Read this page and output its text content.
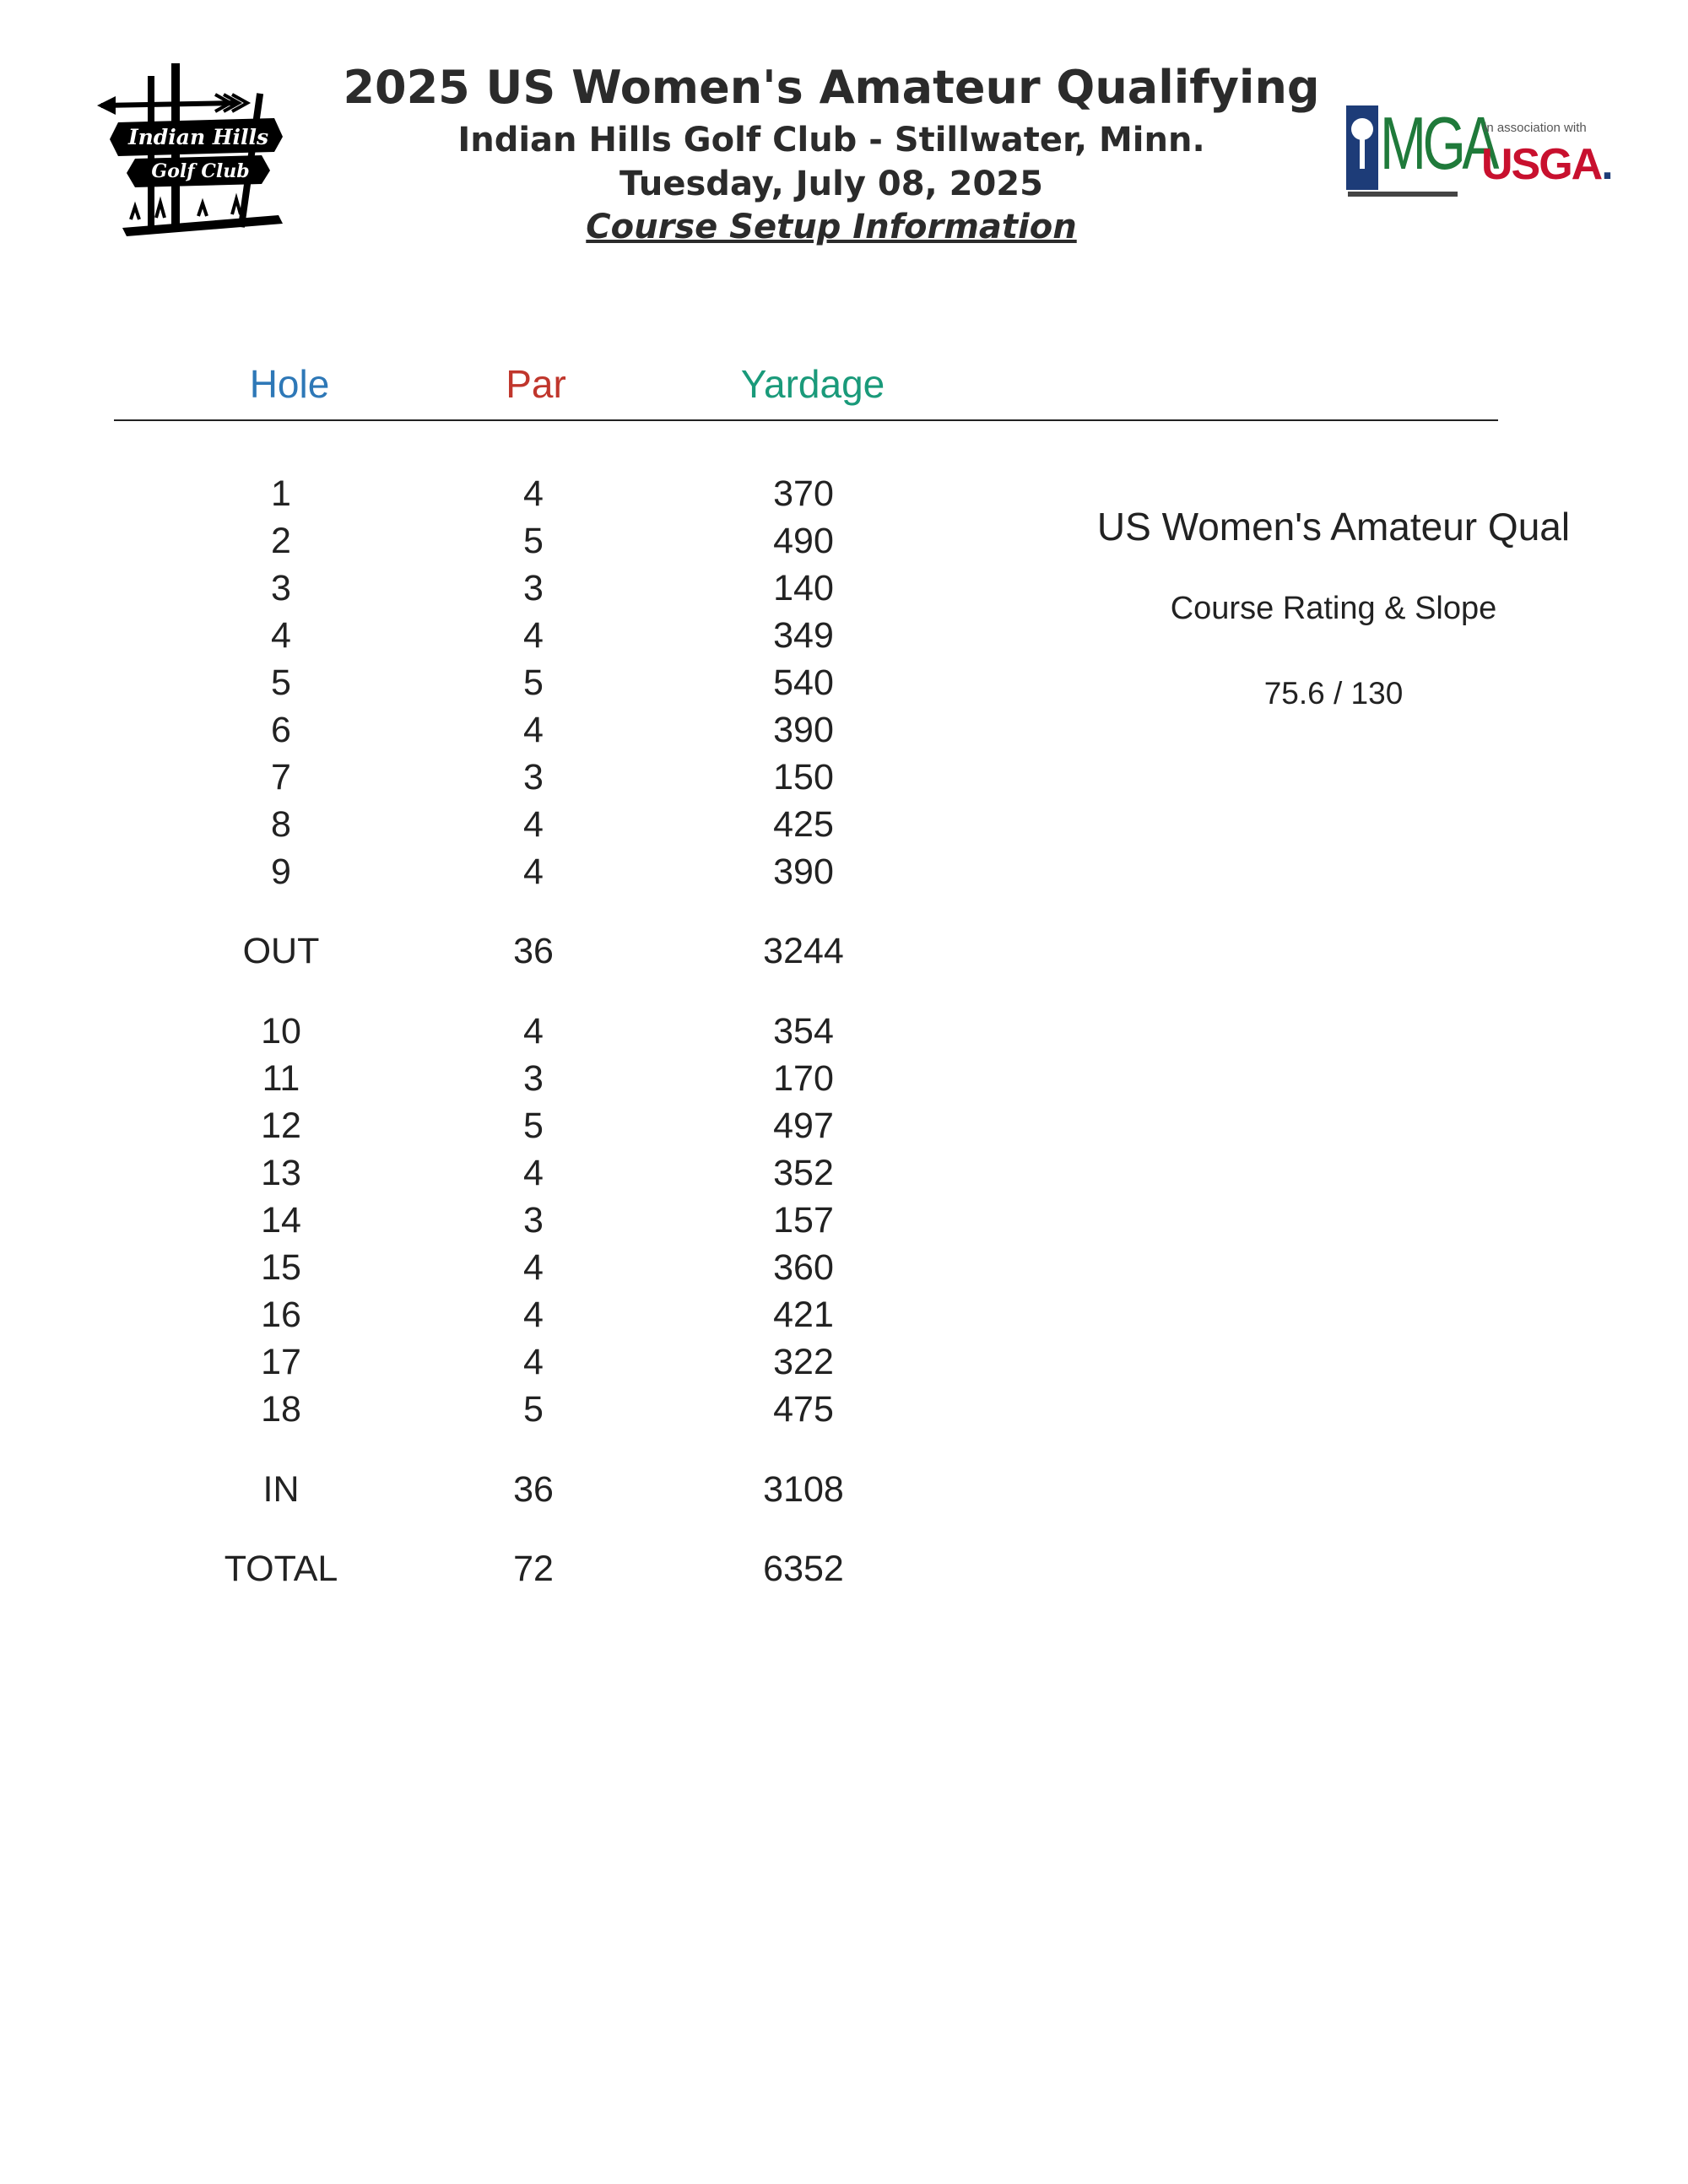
2025 US Women's Amateur Qualifying
Indian Hills Golf Club - Stillwater, Minn.
Tuesday, July 08, 2025
Course Setup Information
Indian Hills
Golf Club	MGA
in association with
USGA.
Hole	Par	Yardage
1	4	370
2	5	490
3	3	140
4	4	349
5	5	540
6	4	390
7	3	150
8	4	425
9	4	390
OUT	36	3244
10	4	354
11	3	170
12	5	497
13	4	352
14	3	157
15	4	360
16	4	421
17	4	322
18	5	475
IN	36	3108
TOTAL	72	6352
US Women's Amateur Qual
Course Rating & Slope
75.6 / 130
